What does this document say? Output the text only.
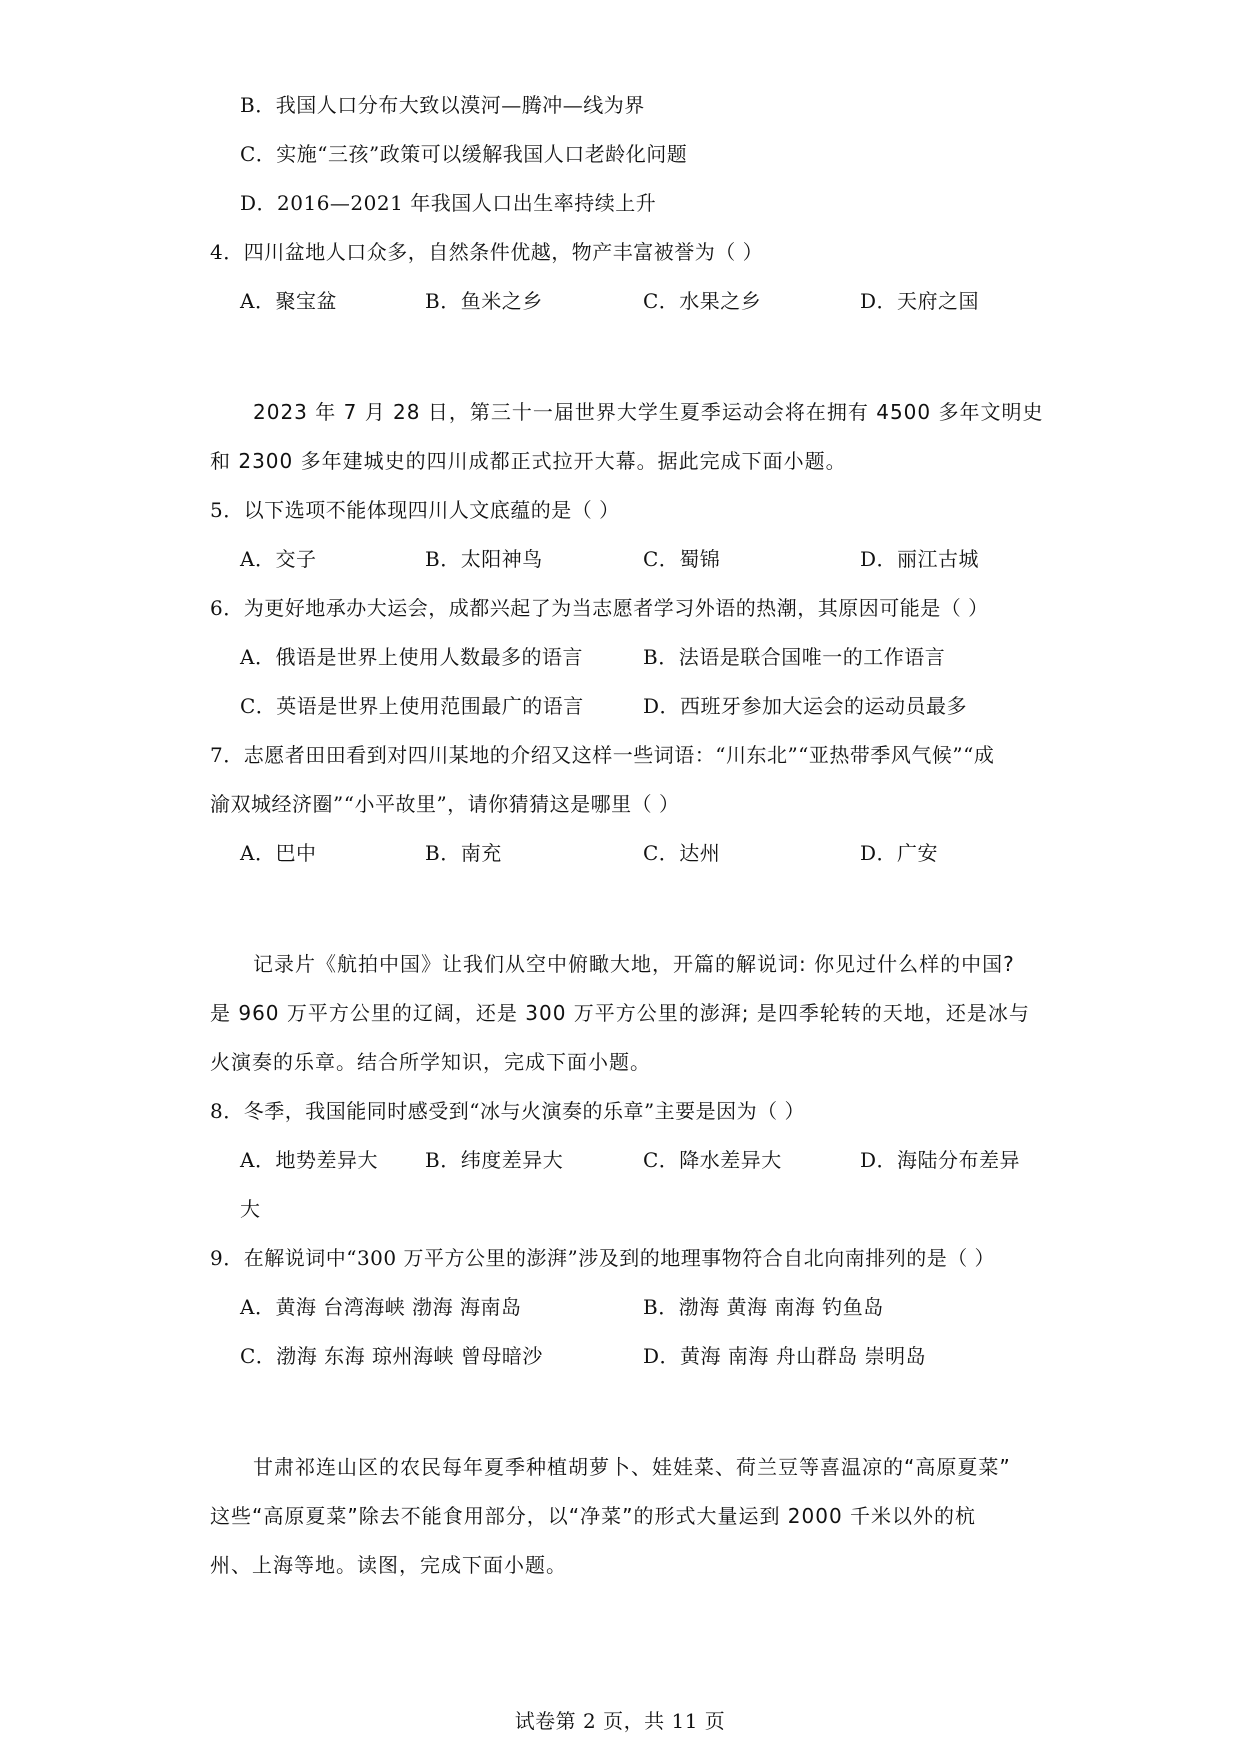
B．我国人口分布大致以漠河—腾冲—线为界
C．实施“三孩”政策可以缓解我国人口老龄化问题
D．2016—2021 年我国人口出生率持续上升
4．四川盆地人口众多，自然条件优越，物产丰富被誉为（ ）
A．聚宝盆	B．鱼米之乡	C．水果之乡	D．天府之国
2023 年 7 月 28 日，第三十一届世界大学生夏季运动会将在拥有 4500 多年文明史
和 2300 多年建城史的四川成都正式拉开大幕。据此完成下面小题。
5．以下选项不能体现四川人文底蕴的是（ ）
A．交子	B．太阳神鸟	C．蜀锦	D．丽江古城
6．为更好地承办大运会，成都兴起了为当志愿者学习外语的热潮，其原因可能是（ ）
A．俄语是世界上使用人数最多的语言	B．法语是联合国唯一的工作语言
C．英语是世界上使用范围最广的语言	D．西班牙参加大运会的运动员最多
7．志愿者田田看到对四川某地的介绍又这样一些词语：“川东北”“亚热带季风气候”“成
渝双城经济圈”“小平故里”，请你猜猜这是哪里（ ）
A．巴中	B．南充	C．达州	D．广安
记录片《航拍中国》让我们从空中俯瞰大地，开篇的解说词: 你见过什么样的中国?
是 960 万平方公里的辽阔，还是 300 万平方公里的澎湃; 是四季轮转的天地，还是冰与
火演奏的乐章。结合所学知识，完成下面小题。
8．冬季，我国能同时感受到“冰与火演奏的乐章”主要是因为（ ）
A．地势差异大 B．纬度差异大	C．降水差异大	D．海陆分布差异
大
9．在解说词中“300 万平方公里的澎湃”涉及到的地理事物符合自北向南排列的是（ ）
A．黄海 台湾海峡 渤海 海南岛	B．渤海 黄海 南海 钓鱼岛
C．渤海 东海 琼州海峡 曾母暗沙	D．黄海 南海 舟山群岛 崇明岛
甘肃祁连山区的农民每年夏季种植胡萝卜、娃娃菜、荷兰豆等喜温凉的“高原夏菜”
这些“高原夏菜”除去不能食用部分，以“净菜”的形式大量运到 2000 千米以外的杭
州、上海等地。读图，完成下面小题。
试卷第 2 页，共 11 页
